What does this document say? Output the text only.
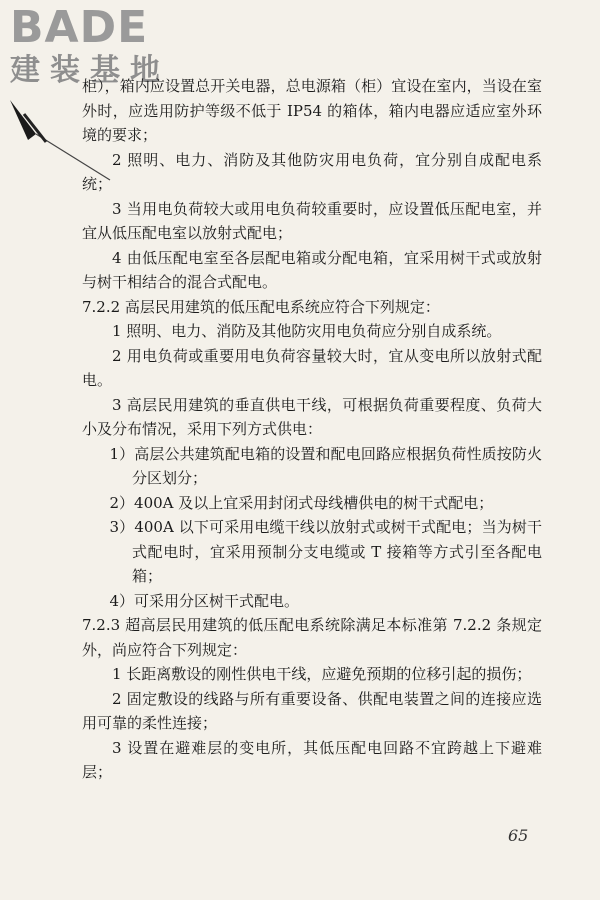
BADE
建装基地

柜），箱内应设置总开关电器，总电源箱（柜）宜设在室内，当设在室外时，应选用防护等级不低于 IP54 的箱体，箱内电器应适应室外环境的要求；

2 照明、电力、消防及其他防灾用电负荷，宜分别自成配电系统；

3 当用电负荷较大或用电负荷较重要时，应设置低压配电室，并宜从低压配电室以放射式配电；

4 由低压配电室至各层配电箱或分配电箱，宜采用树干式或放射与树干相结合的混合式配电。

7.2.2 高层民用建筑的低压配电系统应符合下列规定：

1 照明、电力、消防及其他防灾用电负荷应分别自成系统。

2 用电负荷或重要用电负荷容量较大时，宜从变电所以放射式配电。

3 高层民用建筑的垂直供电干线，可根据负荷重要程度、负荷大小及分布情况，采用下列方式供电：

1）高层公共建筑配电箱的设置和配电回路应根据负荷性质按防火分区划分；

2）400A 及以上宜采用封闭式母线槽供电的树干式配电；

3）400A 以下可采用电缆干线以放射式或树干式配电；当为树干式配电时，宜采用预制分支电缆或 T 接箱等方式引至各配电箱；

4）可采用分区树干式配电。

7.2.3 超高层民用建筑的低压配电系统除满足本标准第 7.2.2 条规定外，尚应符合下列规定：

1 长距离敷设的刚性供电干线，应避免预期的位移引起的损伤；

2 固定敷设的线路与所有重要设备、供配电装置之间的连接应选用可靠的柔性连接；

3 设置在避难层的变电所，其低压配电回路不宜跨越上下避难层；

65
